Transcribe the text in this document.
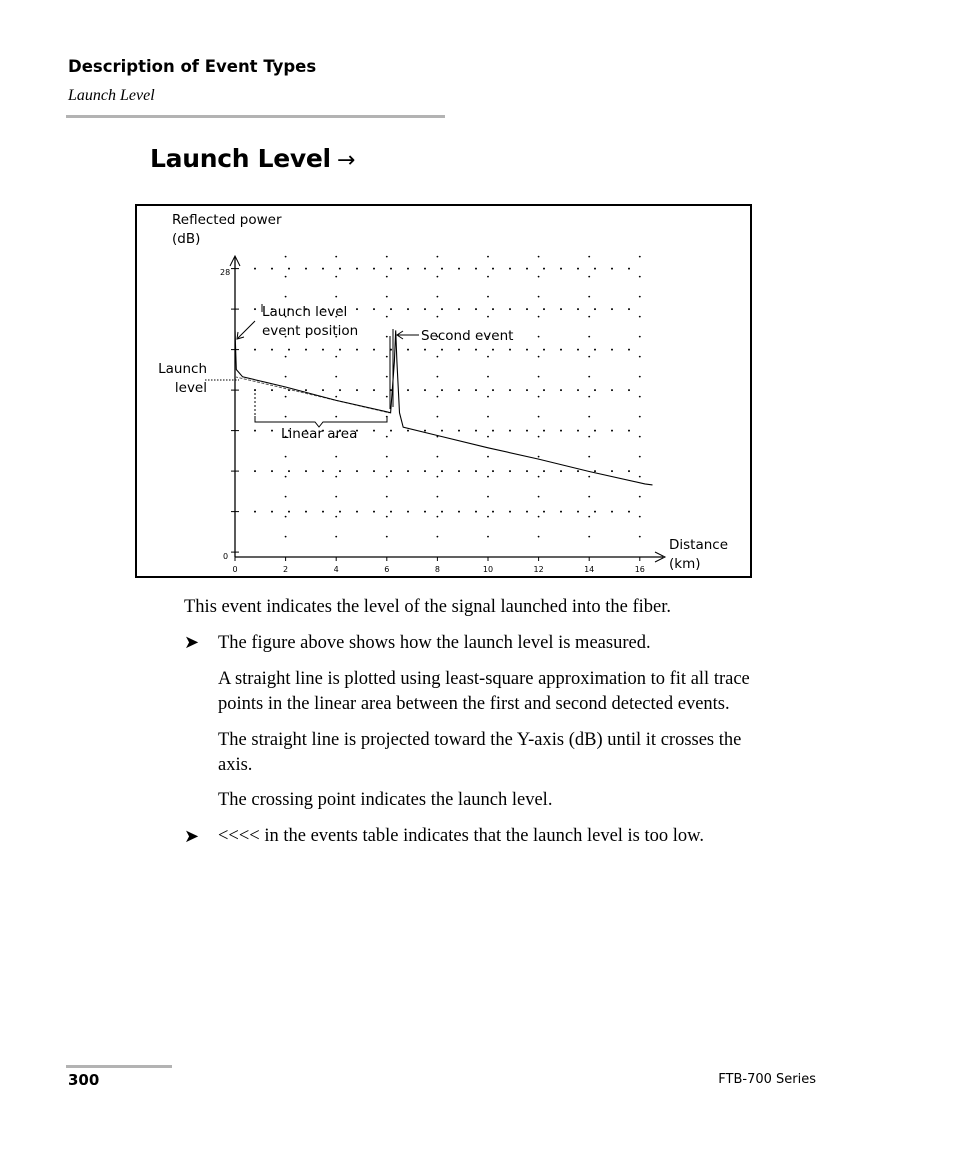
Description of Event Types
Launch Level
Launch Level →
0	2	4	6	8	10	12	14	16
Reflected power
(dB)
28
0
Distance
(km)
Launch level
event position	Second event
Launch
level
Linear area
This event indicates the level of the signal launched into the fiber.
➤ The figure above shows how the launch level is measured.
A straight line is plotted using least-square approximation to fit all trace
points in the linear area between the first and second detected events.
The straight line is projected toward the Y-axis (dB) until it crosses the
axis.
The crossing point indicates the launch level.
➤ <<<< in the events table indicates that the launch level is too low.
300	FTB-700 Series
